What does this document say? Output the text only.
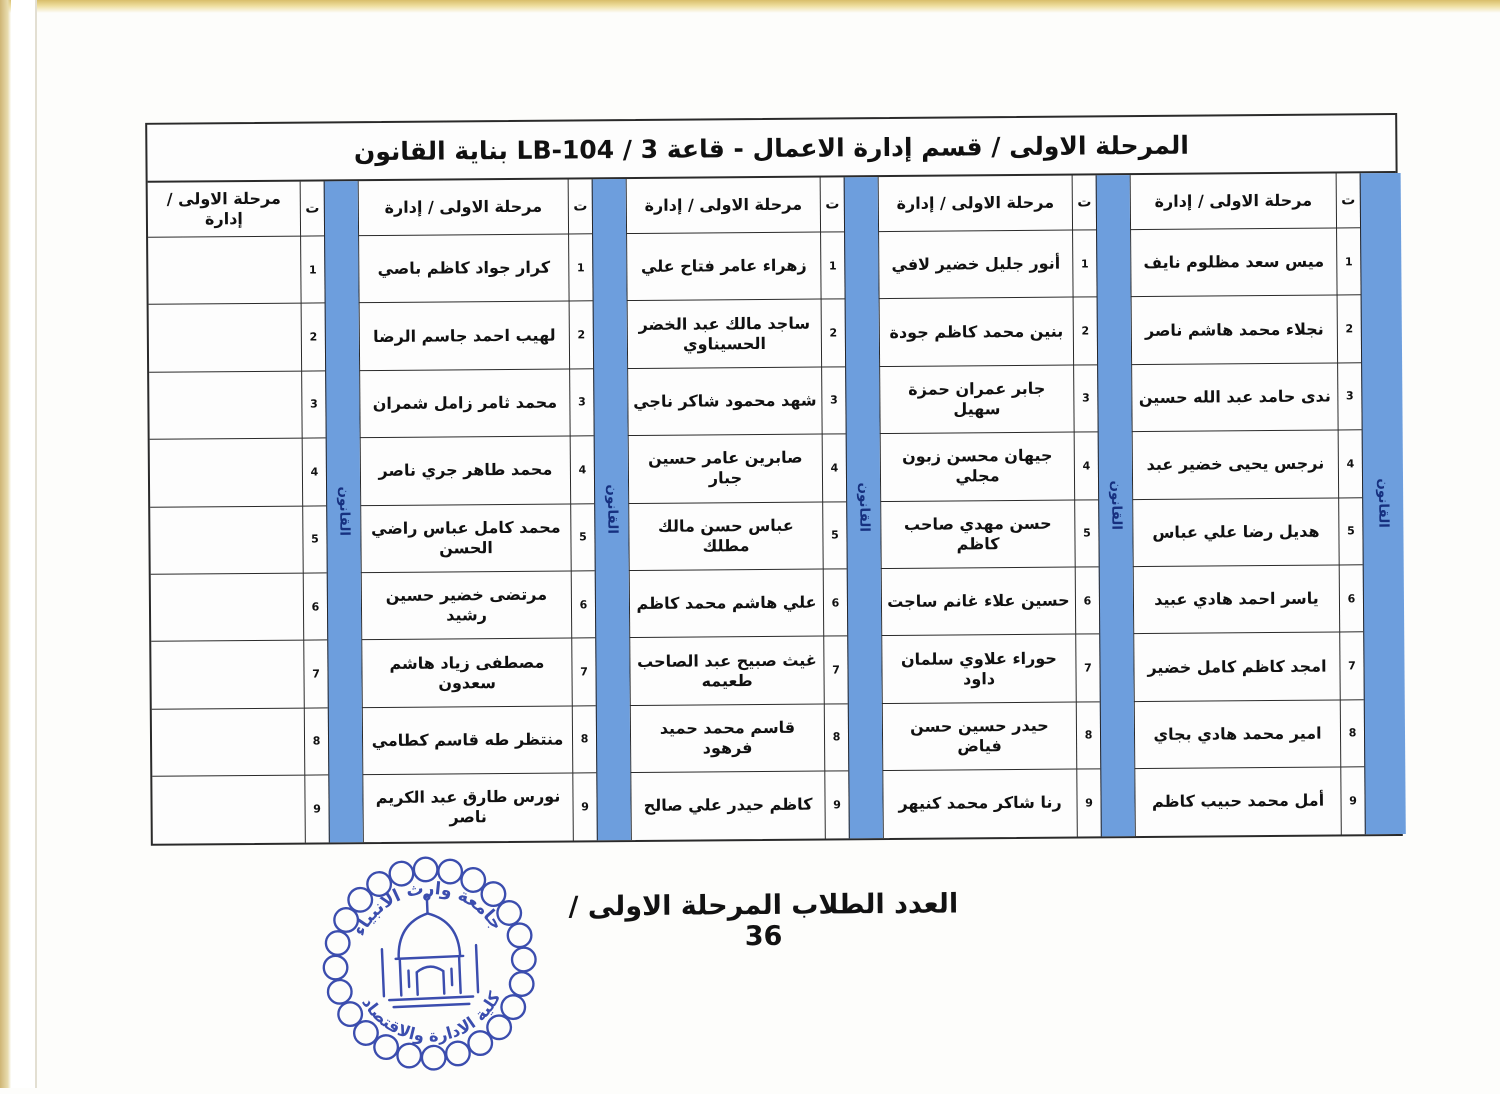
المرحلة الاولى / قسم إدارة الاعمال - قاعة 3 / LB-104 بناية القانون
مرحلة الاولى /
إدارة
ت
1
2
3
4
5
6
7
8
9
القانون
مرحلة الاولى / إدارة
كرار جواد كاظم باصي
لهيب احمد جاسم الرضا
محمد ثامر زامل شمران
محمد طاهر جري ناصر
محمد كامل عباس راضي الحسن
مرتضى خضير حسين رشيد
مصطفى زياد هاشم سعدون
منتظر طه قاسم كطامي
نورس طارق عبد الكريم ناصر
ت
1
2
3
4
5
6
7
8
9
القانون
مرحلة الاولى / إدارة
زهراء عامر فتاح علي
ساجد مالك عبد الخضر الحسيناوي
شهد محمود شاكر ناجي
صابرين عامر حسين جبار
عباس حسن مالك مطلك
علي هاشم محمد كاظم
غيث صبيح عبد الصاحب طعيمه
قاسم محمد حميد فرهود
كاظم حيدر علي صالح
ت
1
2
3
4
5
6
7
8
9
القانون
مرحلة الاولى / إدارة
أنور جليل خضير لافي
بنين محمد كاظم جودة
جابر عمران حمزة سهيل
جيهان محسن زبون مجلي
حسن مهدي صاحب كاظم
حسين علاء غانم ساجت
حوراء علاوي سلمان داود
حيدر حسين حسن فياض
رنا شاكر محمد كنيهر
ت
1
2
3
4
5
6
7
8
9
القانون
مرحلة الاولى / إدارة
ميس سعد مظلوم نايف
نجلاء محمد هاشم ناصر
ندى حامد عبد الله حسين
نرجس يحيى خضير عبد
هديل رضا علي عباس
ياسر احمد هادي عبيد
امجد كاظم كامل خضير
امير محمد هادي بجاي
أمل محمد حبيب كاظم
ت
1
2
3
4
5
6
7
8
9
القانون
العدد الطلاب المرحلة الاولى / 36
جامعة وارث الانبياء
كلية الادارة والاقتصاد
